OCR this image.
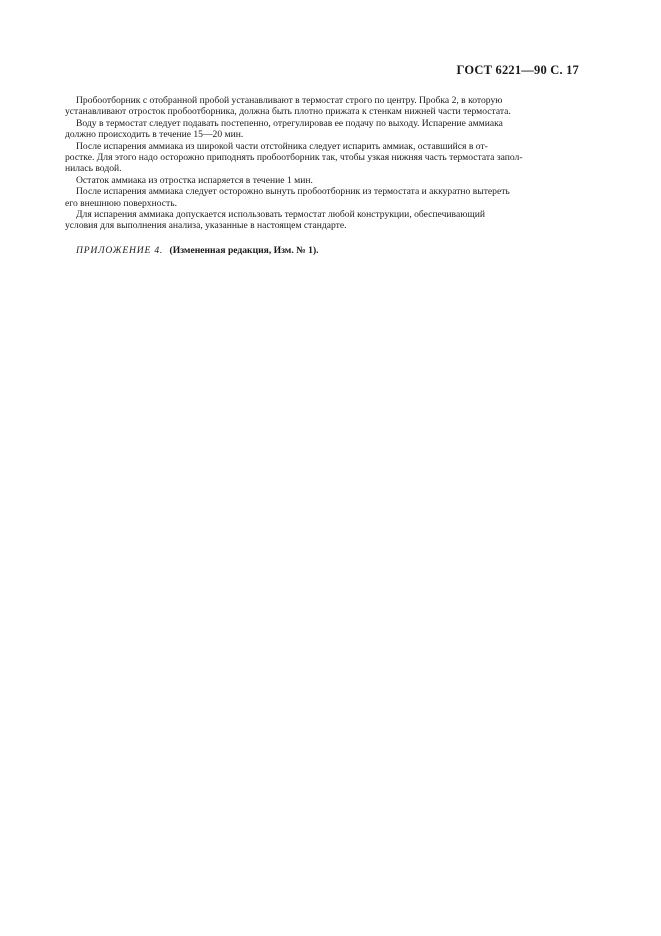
ГОСТ 6221—90 С. 17
Пробоотборник с отобранной пробой устанавливают в термостат строго по центру. Пробка 2, в которую
устанавливают отросток пробоотборника, должна быть плотно прижата к стенкам нижней части термостата.
Воду в термостат следует подавать постепенно, отрегулировав ее подачу по выходу. Испарение аммиака
должно происходить в течение 15—20 мин.
После испарения аммиака из широкой части отстойника следует испарить аммиак, оставшийся в от-
ростке. Для этого надо осторожно приподнять пробоотборник так, чтобы узкая нижняя часть термостата запол-
нилась водой.
Остаток аммиака из отростка испаряется в течение 1 мин.
После испарения аммиака следует осторожно вынуть пробоотборник из термостата и аккуратно вытереть
его внешнюю поверхность.
Для испарения аммиака допускается использовать термостат любой конструкции, обеспечивающий
условия для выполнения анализа, указанные в настоящем стандарте.
ПРИЛОЖЕНИЕ 4. (Измененная редакция, Изм. № 1).
